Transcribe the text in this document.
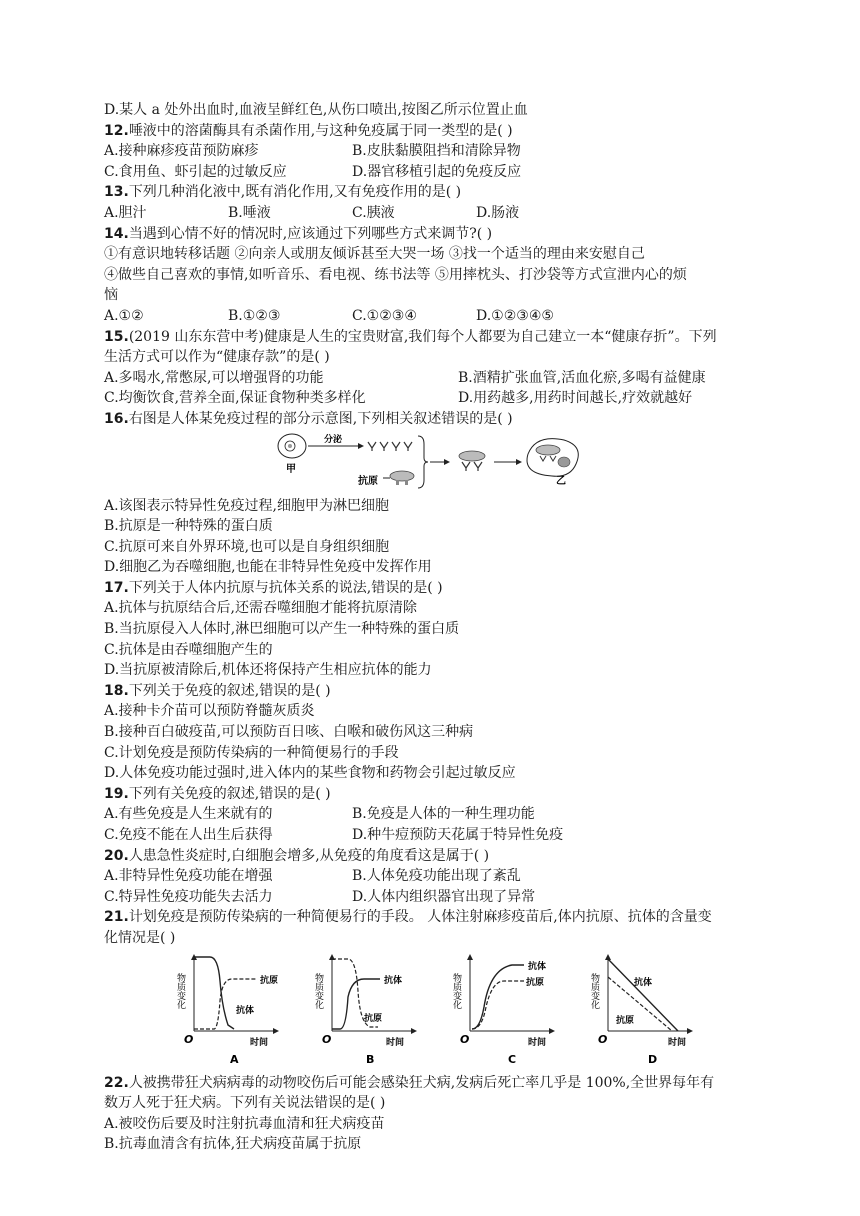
D.某人 a 处外出血时,血液呈鲜红色,从伤口喷出,按图乙所示位置止血
12.唾液中的溶菌酶具有杀菌作用,与这种免疫属于同一类型的是( )
A.接种麻疹疫苗预防麻疹	B.皮肤黏膜阻挡和清除异物
C.食用鱼、虾引起的过敏反应	D.器官移植引起的免疫反应
13.下列几种消化液中,既有消化作用,又有免疫作用的是( )
A.胆汁	B.唾液	C.胰液	D.肠液
14.当遇到心情不好的情况时,应该通过下列哪些方式来调节?( )
①有意识地转移话题 ②向亲人或朋友倾诉甚至大哭一场 ③找一个适当的理由来安慰自己
④做些自己喜欢的事情,如听音乐、看电视、练书法等 ⑤用摔枕头、打沙袋等方式宣泄内心的烦
恼
A.①②	B.①②③	C.①②③④	D.①②③④⑤
15.(2019 山东东营中考)健康是人生的宝贵财富,我们每个人都要为自己建立一本“健康存折”。下列
生活方式可以作为“健康存款”的是( )
A.多喝水,常憋尿,可以增强肾的功能	B.酒精扩张血管,活血化瘀,多喝有益健康
C.均衡饮食,营养全面,保证食物种类多样化	D.用药越多,用药时间越长,疗效就越好
16.右图是人体某免疫过程的部分示意图,下列相关叙述错误的是( )
甲
分泌
抗原	乙
A.该图表示特异性免疫过程,细胞甲为淋巴细胞
B.抗原是一种特殊的蛋白质
C.抗原可来自外界环境,也可以是自身组织细胞
D.细胞乙为吞噬细胞,也能在非特异性免疫中发挥作用
17.下列关于人体内抗原与抗体关系的说法,错误的是( )
A.抗体与抗原结合后,还需吞噬细胞才能将抗原清除
B.当抗原侵入人体时,淋巴细胞可以产生一种特殊的蛋白质
C.抗体是由吞噬细胞产生的
D.当抗原被清除后,机体还将保持产生相应抗体的能力
18.下列关于免疫的叙述,错误的是( )
A.接种卡介苗可以预防脊髓灰质炎
B.接种百白破疫苗,可以预防百日咳、白喉和破伤风这三种病
C.计划免疫是预防传染病的一种简便易行的手段
D.人体免疫功能过强时,进入体内的某些食物和药物会引起过敏反应
19.下列有关免疫的叙述,错误的是( )
A.有些免疫是人生来就有的	B.免疫是人体的一种生理功能
C.免疫不能在人出生后获得	D.种牛痘预防天花属于特异性免疫
20.人患急性炎症时,白细胞会增多,从免疫的角度看这是属于( )
A.非特异性免疫功能在增强	B.人体免疫功能出现了紊乱
C.特异性免疫功能失去活力	D.人体内组织器官出现了异常
21.计划免疫是预防传染病的一种简便易行的手段。 人体注射麻疹疫苗后,体内抗原、抗体的含量变
化情况是( )
物质变化
O	时间
抗原
抗体
A
物质变化
O	时间
抗体
抗原
B
物质变化
O	时间
抗体
抗原
C
物质变化
O	时间
抗体
抗原
D
22.人被携带狂犬病病毒的动物咬伤后可能会感染狂犬病,发病后死亡率几乎是 100%,全世界每年有
数万人死于狂犬病。下列有关说法错误的是( )
A.被咬伤后要及时注射抗毒血清和狂犬病疫苗
B.抗毒血清含有抗体,狂犬病疫苗属于抗原
